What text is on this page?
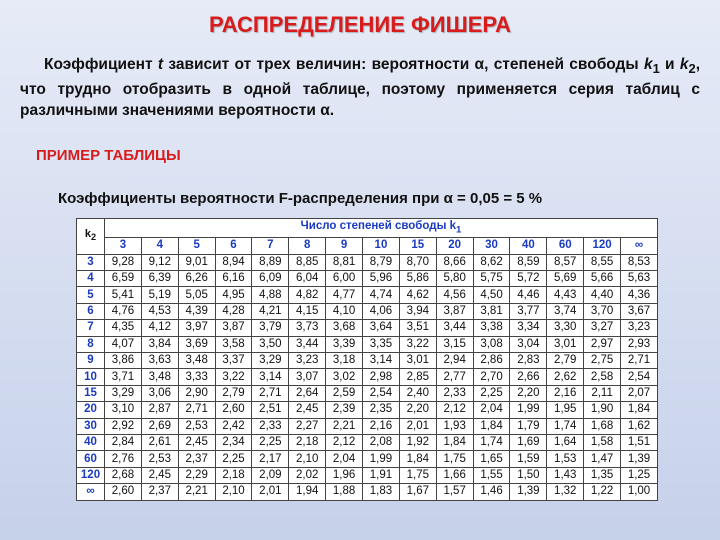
РАСПРЕДЕЛЕНИЕ ФИШЕРА
Коэффициент t зависит от трех величин: вероятности α, степеней свободы $k_1$ и $k_2$, что трудно отобразить в одной таблице, поэтому применяется серия таблиц с различными значениями вероятности α.
ПРИМЕР ТАБЛИЦЫ
Коэффициенты вероятности F-распределения при α = 0,05 = 5 %
$k_2$	Число степеней свободы $k_1$
	3	4	5	6	7	8	9	10	15	20	30	40	60	120	∞
3	9,28	9,12	9,01	8,94	8,89	8,85	8,81	8,79	8,70	8,66	8,62	8,59	8,57	8,55	8,53
4	6,59	6,39	6,26	6,16	6,09	6,04	6,00	5,96	5,86	5,80	5,75	5,72	5,69	5,66	5,63
5	5,41	5,19	5,05	4,95	4,88	4,82	4,77	4,74	4,62	4,56	4,50	4,46	4,43	4,40	4,36
6	4,76	4,53	4,39	4,28	4,21	4,15	4,10	4,06	3,94	3,87	3,81	3,77	3,74	3,70	3,67
7	4,35	4,12	3,97	3,87	3,79	3,73	3,68	3,64	3,51	3,44	3,38	3,34	3,30	3,27	3,23
8	4,07	3,84	3,69	3,58	3,50	3,44	3,39	3,35	3,22	3,15	3,08	3,04	3,01	2,97	2,93
9	3,86	3,63	3,48	3,37	3,29	3,23	3,18	3,14	3,01	2,94	2,86	2,83	2,79	2,75	2,71
10	3,71	3,48	3,33	3,22	3,14	3,07	3,02	2,98	2,85	2,77	2,70	2,66	2,62	2,58	2,54
15	3,29	3,06	2,90	2,79	2,71	2,64	2,59	2,54	2,40	2,33	2,25	2,20	2,16	2,11	2,07
20	3,10	2,87	2,71	2,60	2,51	2,45	2,39	2,35	2,20	2,12	2,04	1,99	1,95	1,90	1,84
30	2,92	2,69	2,53	2,42	2,33	2,27	2,21	2,16	2,01	1,93	1,84	1,79	1,74	1,68	1,62
40	2,84	2,61	2,45	2,34	2,25	2,18	2,12	2,08	1,92	1,84	1,74	1,69	1,64	1,58	1,51
60	2,76	2,53	2,37	2,25	2,17	2,10	2,04	1,99	1,84	1,75	1,65	1,59	1,53	1,47	1,39
120	2,68	2,45	2,29	2,18	2,09	2,02	1,96	1,91	1,75	1,66	1,55	1,50	1,43	1,35	1,25
∞	2,60	2,37	2,21	2,10	2,01	1,94	1,88	1,83	1,67	1,57	1,46	1,39	1,32	1,22	1,00
